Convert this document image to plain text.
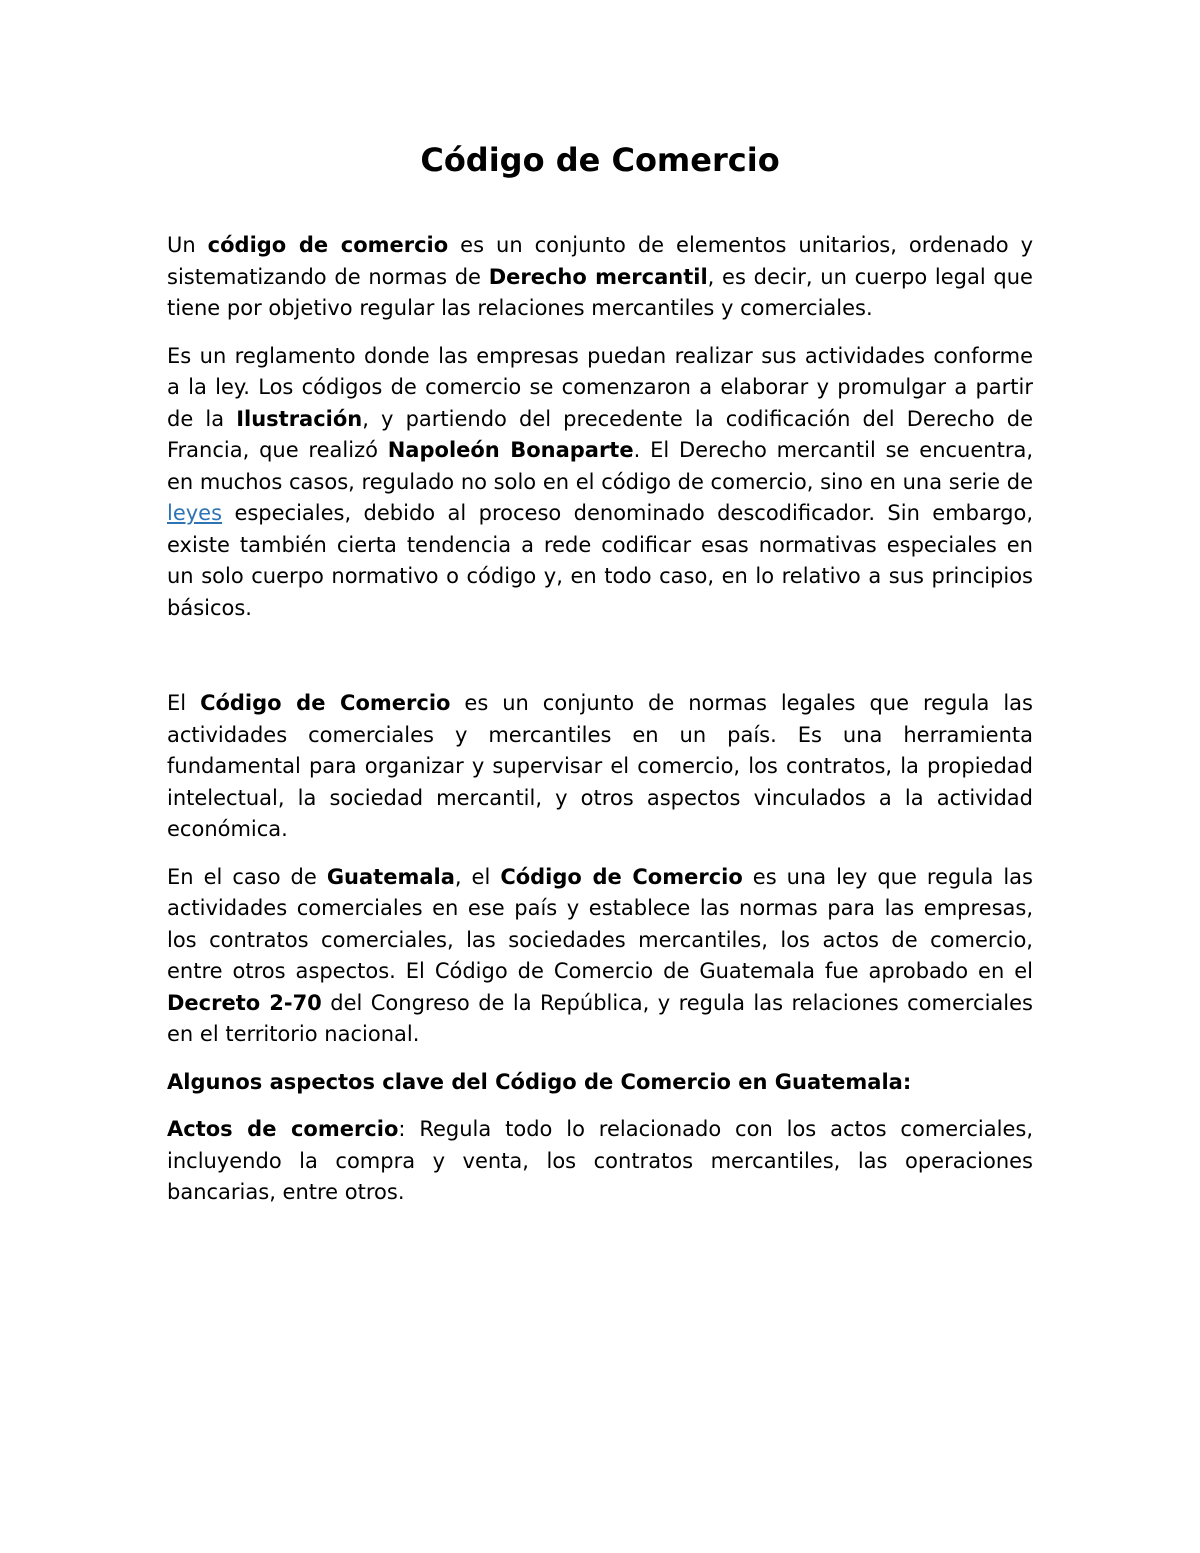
Código de Comercio

Un código de comercio es un conjunto de elementos unitarios, ordenado y sistematizando de normas de Derecho mercantil, es decir, un cuerpo legal que tiene por objetivo regular las relaciones mercantiles y comerciales.

Es un reglamento donde las empresas puedan realizar sus actividades conforme a la ley. Los códigos de comercio se comenzaron a elaborar y promulgar a partir de la Ilustración, y partiendo del precedente la codificación del Derecho de Francia, que realizó Napoleón Bonaparte. El Derecho mercantil se encuentra, en muchos casos, regulado no solo en el código de comercio, sino en una serie de leyes especiales, debido al proceso denominado descodificador. Sin embargo, existe también cierta tendencia a rede codificar esas normativas especiales en un solo cuerpo normativo o código y, en todo caso, en lo relativo a sus principios básicos.

El Código de Comercio es un conjunto de normas legales que regula las actividades comerciales y mercantiles en un país. Es una herramienta fundamental para organizar y supervisar el comercio, los contratos, la propiedad intelectual, la sociedad mercantil, y otros aspectos vinculados a la actividad económica.

En el caso de Guatemala, el Código de Comercio es una ley que regula las actividades comerciales en ese país y establece las normas para las empresas, los contratos comerciales, las sociedades mercantiles, los actos de comercio, entre otros aspectos. El Código de Comercio de Guatemala fue aprobado en el Decreto 2-70 del Congreso de la República, y regula las relaciones comerciales en el territorio nacional.

Algunos aspectos clave del Código de Comercio en Guatemala:

Actos de comercio: Regula todo lo relacionado con los actos comerciales, incluyendo la compra y venta, los contratos mercantiles, las operaciones bancarias, entre otros.
